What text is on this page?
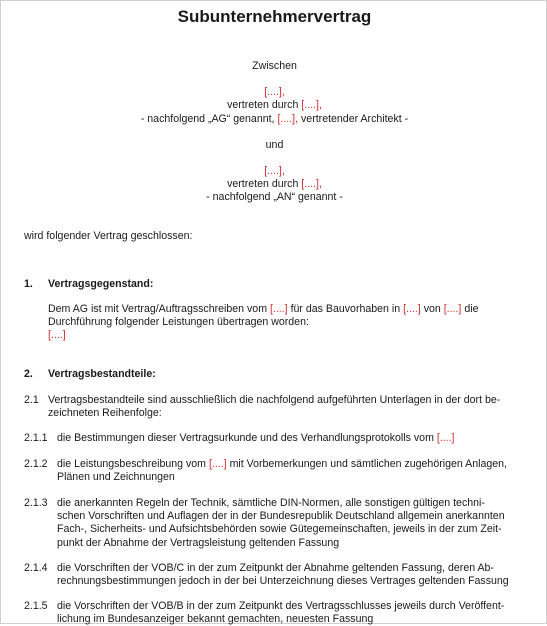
Subunternehmervertrag
Zwischen
[....],
vertreten durch [....],
- nachfolgend „AG“ genannt, [....], vertretender Architekt -
und
[....],
vertreten durch [....],
- nachfolgend „AN“ genannt -
wird folgender Vertrag geschlossen:
1. Vertragsgegenstand:
Dem AG ist mit Vertrag/Auftragsschreiben vom [....] für das Bauvorhaben in [....] von [....] die
Durchführung folgender Leistungen übertragen worden:
[....]
2. Vertragsbestandteile:
2.1 Vertragsbestandteile sind ausschließlich die nachfolgend aufgeführten Unterlagen in der dort be-
zeichneten Reihenfolge:
2.1.1 die Bestimmungen dieser Vertragsurkunde und des Verhandlungsprotokolls vom [....]
2.1.2 die Leistungsbeschreibung vom [....] mit Vorbemerkungen und sämtlichen zugehörigen Anlagen,
Plänen und Zeichnungen
2.1.3 die anerkannten Regeln der Technik, sämtliche DIN-Normen, alle sonstigen gültigen techni-
schen Vorschriften und Auflagen der in der Bundesrepublik Deutschland allgemein anerkannten
Fach-, Sicherheits- und Aufsichtsbehörden sowie Gütegemeinschaften, jeweils in der zum Zeit-
punkt der Abnahme der Vertragsleistung geltenden Fassung
2.1.4 die Vorschriften der VOB/C in der zum Zeitpunkt der Abnahme geltenden Fassung, deren Ab-
rechnungsbestimmungen jedoch in der bei Unterzeichnung dieses Vertrages geltenden Fassung
2.1.5 die Vorschriften der VOB/B in der zum Zeitpunkt des Vertragsschlusses jeweils durch Veröffent-
lichung im Bundesanzeiger bekannt gemachten, neuesten Fassung
